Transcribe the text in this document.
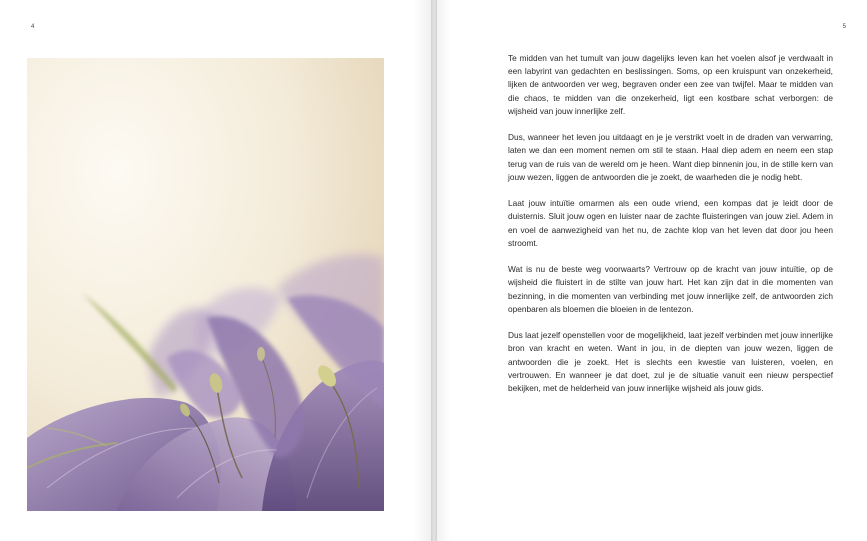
4	5

Te midden van het tumult van jouw dagelijks leven kan het voelen alsof je verdwaalt in een labyrint van gedachten en beslissingen. Soms, op een kruispunt van onzekerheid, lijken de antwoorden ver weg, begraven onder een zee van twijfel. Maar te midden van die chaos, te midden van die onzekerheid, ligt een kostbare schat verborgen: de wijsheid van jouw innerlijke zelf.

Dus, wanneer het leven jou uitdaagt en je je verstrikt voelt in de draden van verwarring, laten we dan een moment nemen om stil te staan. Haal diep adem en neem een stap terug van de ruis van de wereld om je heen. Want diep binnenin jou, in de stille kern van jouw wezen, liggen de antwoorden die je zoekt, de waarheden die je nodig hebt.

Laat jouw intuïtie omarmen als een oude vriend, een kompas dat je leidt door de duisternis. Sluit jouw ogen en luister naar de zachte fluisteringen van jouw ziel. Adem in en voel de aanwezigheid van het nu, de zachte klop van het leven dat door jou heen stroomt.

Wat is nu de beste weg voorwaarts? Vertrouw op de kracht van jouw intuïtie, op de wijsheid die fluistert in de stilte van jouw hart. Het kan zijn dat in die momenten van bezinning, in die momenten van verbinding met jouw innerlijke zelf, de antwoorden zich openbaren als bloemen die bloeien in de lentezon.

Dus laat jezelf openstellen voor de mogelijkheid, laat jezelf verbinden met jouw innerlijke bron van kracht en weten. Want in jou, in de diepten van jouw wezen, liggen de antwoorden die je zoekt. Het is slechts een kwestie van luisteren, voelen, en vertrouwen. En wanneer je dat doet, zul je de situatie vanuit een nieuw perspectief bekijken, met de helderheid van jouw innerlijke wijsheid als jouw gids.
